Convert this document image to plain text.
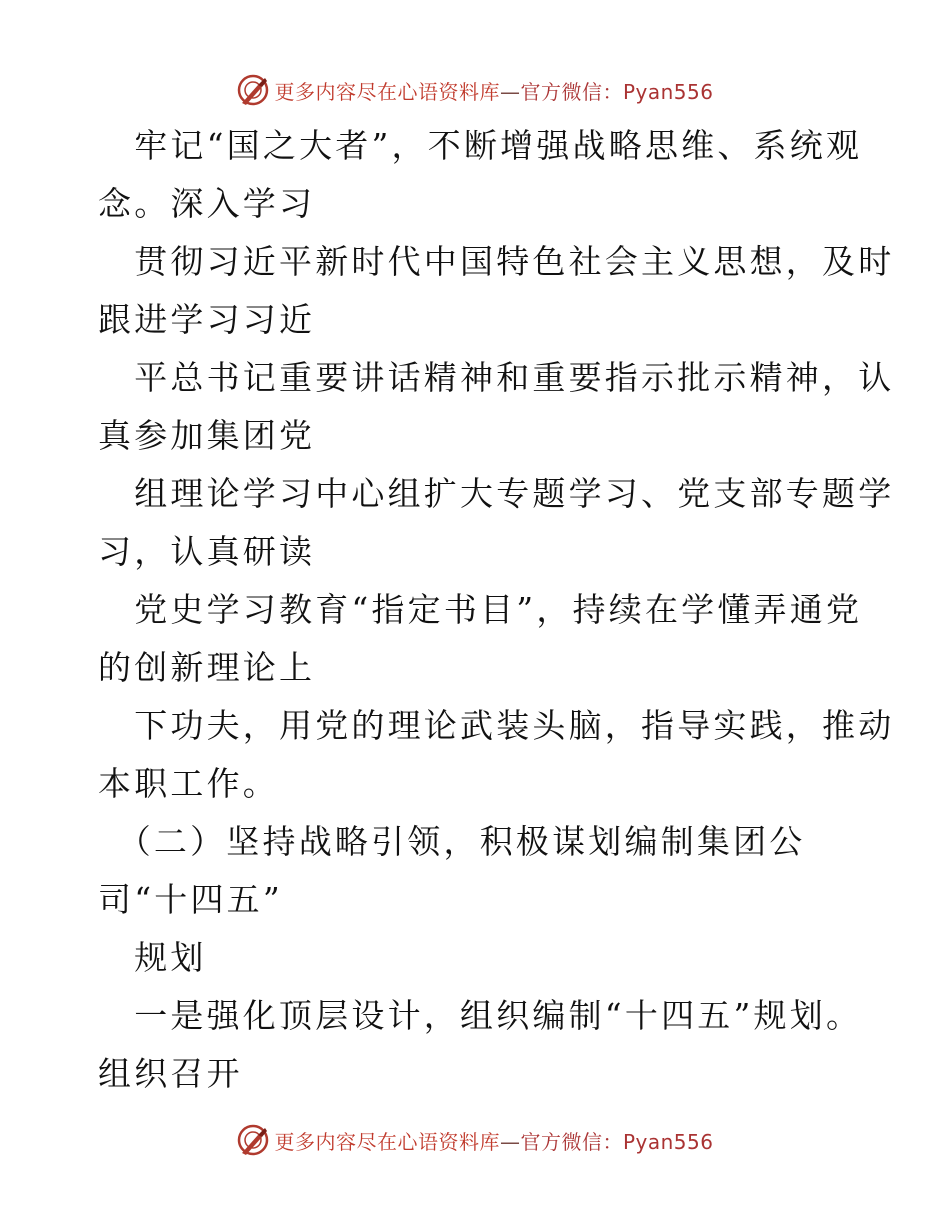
更多内容尽在心语资料库—官方微信：Pyan556
　牢记“国之大者”，不断增强战略思维、系统观
念。深入学习
　贯彻习近平新时代中国特色社会主义思想，及时
跟进学习习近
　平总书记重要讲话精神和重要指示批示精神，认
真参加集团党
　组理论学习中心组扩大专题学习、党支部专题学
习，认真研读
　党史学习教育“指定书目”，持续在学懂弄通党
的创新理论上
　下功夫，用党的理论武装头脑，指导实践，推动
本职工作。
　（二）坚持战略引领，积极谋划编制集团公
司“十四五”
　规划
　一是强化顶层设计，组织编制“十四五”规划。
组织召开
更多内容尽在心语资料库—官方微信：Pyan556
